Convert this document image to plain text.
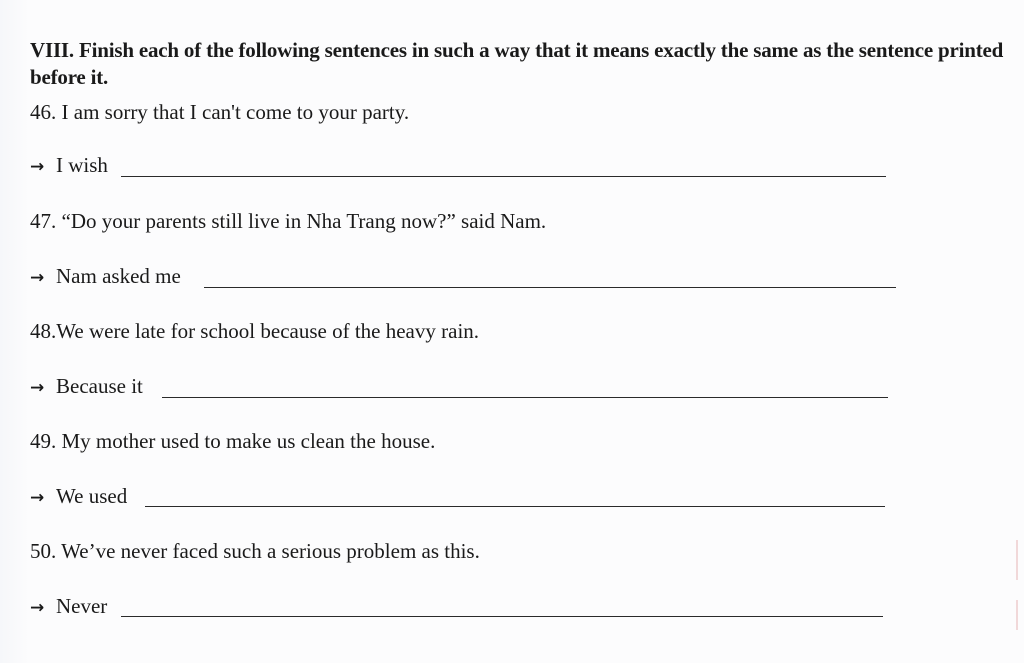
VIII. Finish each of the following sentences in such a way that it means exactly the same as the sentence printed before it.
46. I am sorry that I can't come to your party.
→ I wish
47. “Do your parents still live in Nha Trang now?” said Nam.
→ Nam asked me
48.We were late for school because of the heavy rain.
→ Because it
49. My mother used to make us clean the house.
→ We used
50. We’ve never faced such a serious problem as this.
→ Never
